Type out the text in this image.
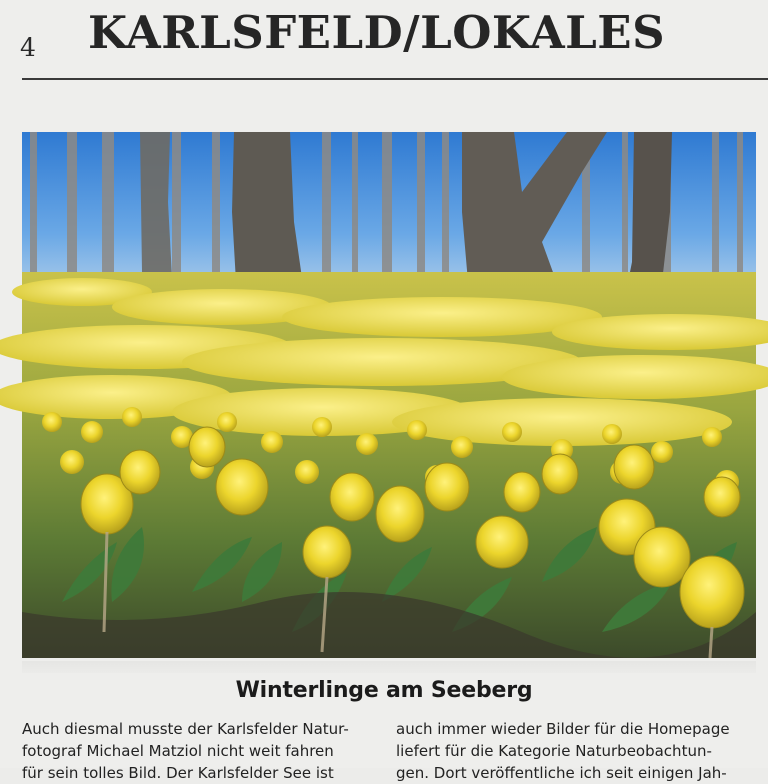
4 KARLSFELD/LOKALES
Winterlinge am Seeberg
Auch diesmal musste der Karlsfelder Natur-
fotograf Michael Matziol nicht weit fahren
für sein tolles Bild. Der Karlsfelder See ist
auch immer wieder Bilder für die Homepage
liefert für die Kategorie Naturbeobachtun-
gen. Dort veröffentliche ich seit einigen Jah-
